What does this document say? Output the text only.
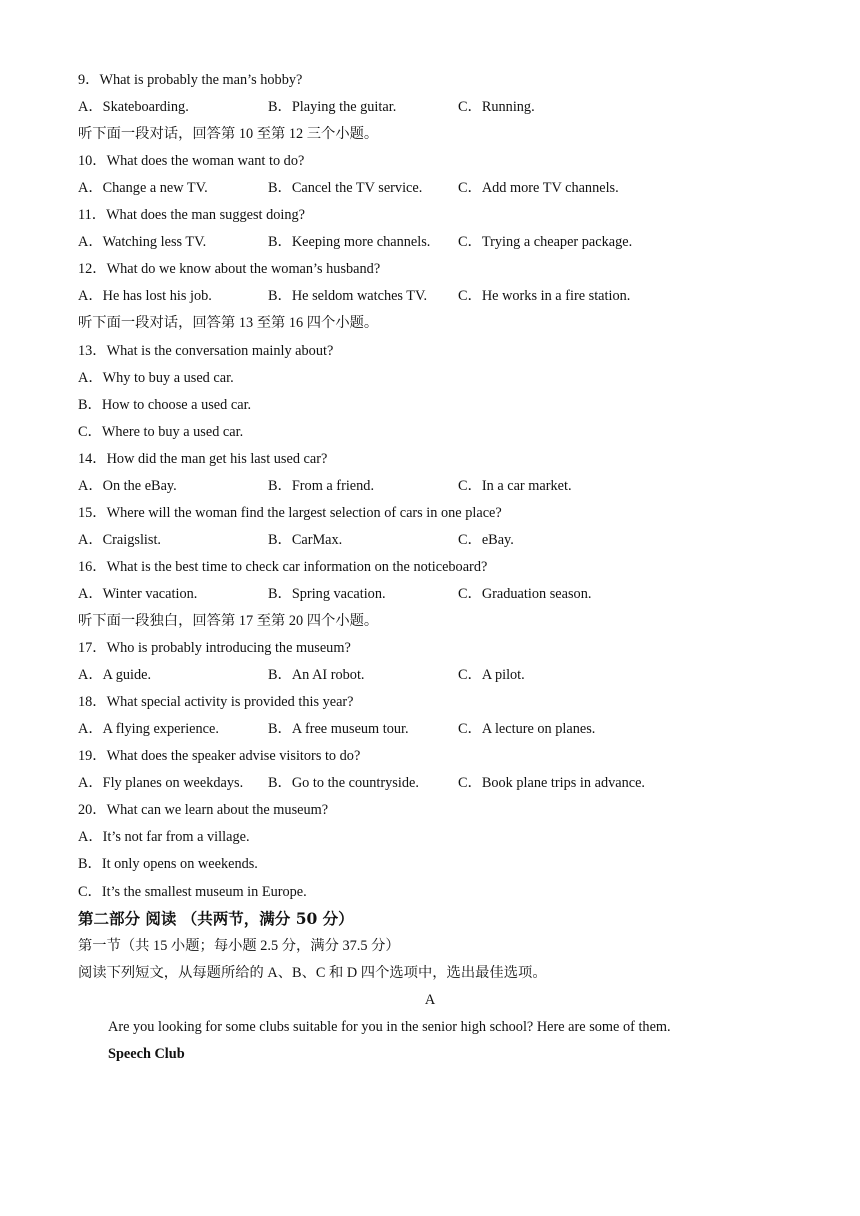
9．What is probably the man’s hobby?
A．Skateboarding.	B．Playing the guitar.	C．Running.
听下面一段对话，回答第 10 至第 12 三个小题。
10．What does the woman want to do?
A．Change a new TV.	B．Cancel the TV service. C．Add more TV channels.
11．What does the man suggest doing?
A．Watching less TV.	B．Keeping more channels. C．Trying a cheaper package.
12．What do we know about the woman’s husband?
A．He has lost his job.	B．He seldom watches TV. C．He works in a fire station.
听下面一段对话，回答第 13 至第 16 四个小题。
13．What is the conversation mainly about?
A．Why to buy a used car.
B．How to choose a used car.
C．Where to buy a used car.
14．How did the man get his last used car?
A．On the eBay.	B．From a friend.	C．In a car market.
15．Where will the woman find the largest selection of cars in one place?
A．Craigslist.	B．CarMax.	C．eBay.
16．What is the best time to check car information on the noticeboard?
A．Winter vacation.	B．Spring vacation.	C．Graduation season.
听下面一段独白，回答第 17 至第 20 四个小题。
17．Who is probably introducing the museum?
A．A guide.	B．An AI robot.	C．A pilot.
18．What special activity is provided this year?
A．A flying experience.	B．A free museum tour.	C．A lecture on planes.
19．What does the speaker advise visitors to do?
A．Fly planes on weekdays. B．Go to the countryside.	C．Book plane trips in advance.
20．What can we learn about the museum?
A．It’s not far from a village.
B．It only opens on weekends.
C．It’s the smallest museum in Europe.
第二部分 阅读 （共两节，满分 50 分）
第一节（共 15 小题；每小题 2.5 分，满分 37.5 分）
阅读下列短文，从每题所给的 A、B、C 和 D 四个选项中，选出最佳选项。
A
Are you looking for some clubs suitable for you in the senior high school? Here are some of them.
Speech Club
